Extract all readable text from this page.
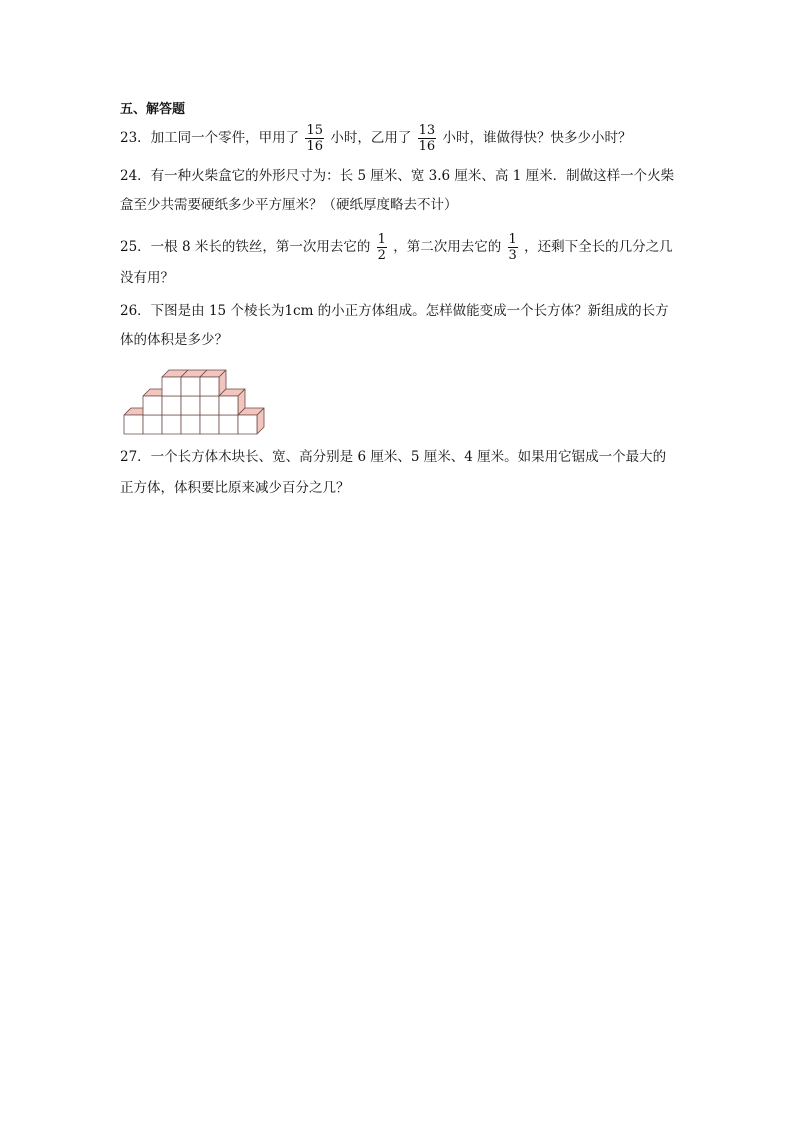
五、解答题
23．加工同一个零件，甲用了 $\frac{15}{16}$ 小时，乙用了 $\frac{13}{16}$ 小时，谁做得快？快多少小时？
24．有一种火柴盒它的外形尺寸为：长 5 厘米、宽 3.6 厘米、高 1 厘米．制做这样一个火柴
盒至少共需要硬纸多少平方厘米？（硬纸厚度略去不计）
25．一根 8 米长的铁丝，第一次用去它的 $\frac{1}{2}$ ，第二次用去它的 $\frac{1}{3}$ ，还剩下全长的几分之几
没有用？
26．下图是由 15 个棱长为1cm 的小正方体组成。怎样做能变成一个长方体？新组成的长方
体的体积是多少？
27．一个长方体木块长、宽、高分别是 6 厘米、5 厘米、4 厘米。如果用它锯成一个最大的
正方体，体积要比原来减少百分之几？
